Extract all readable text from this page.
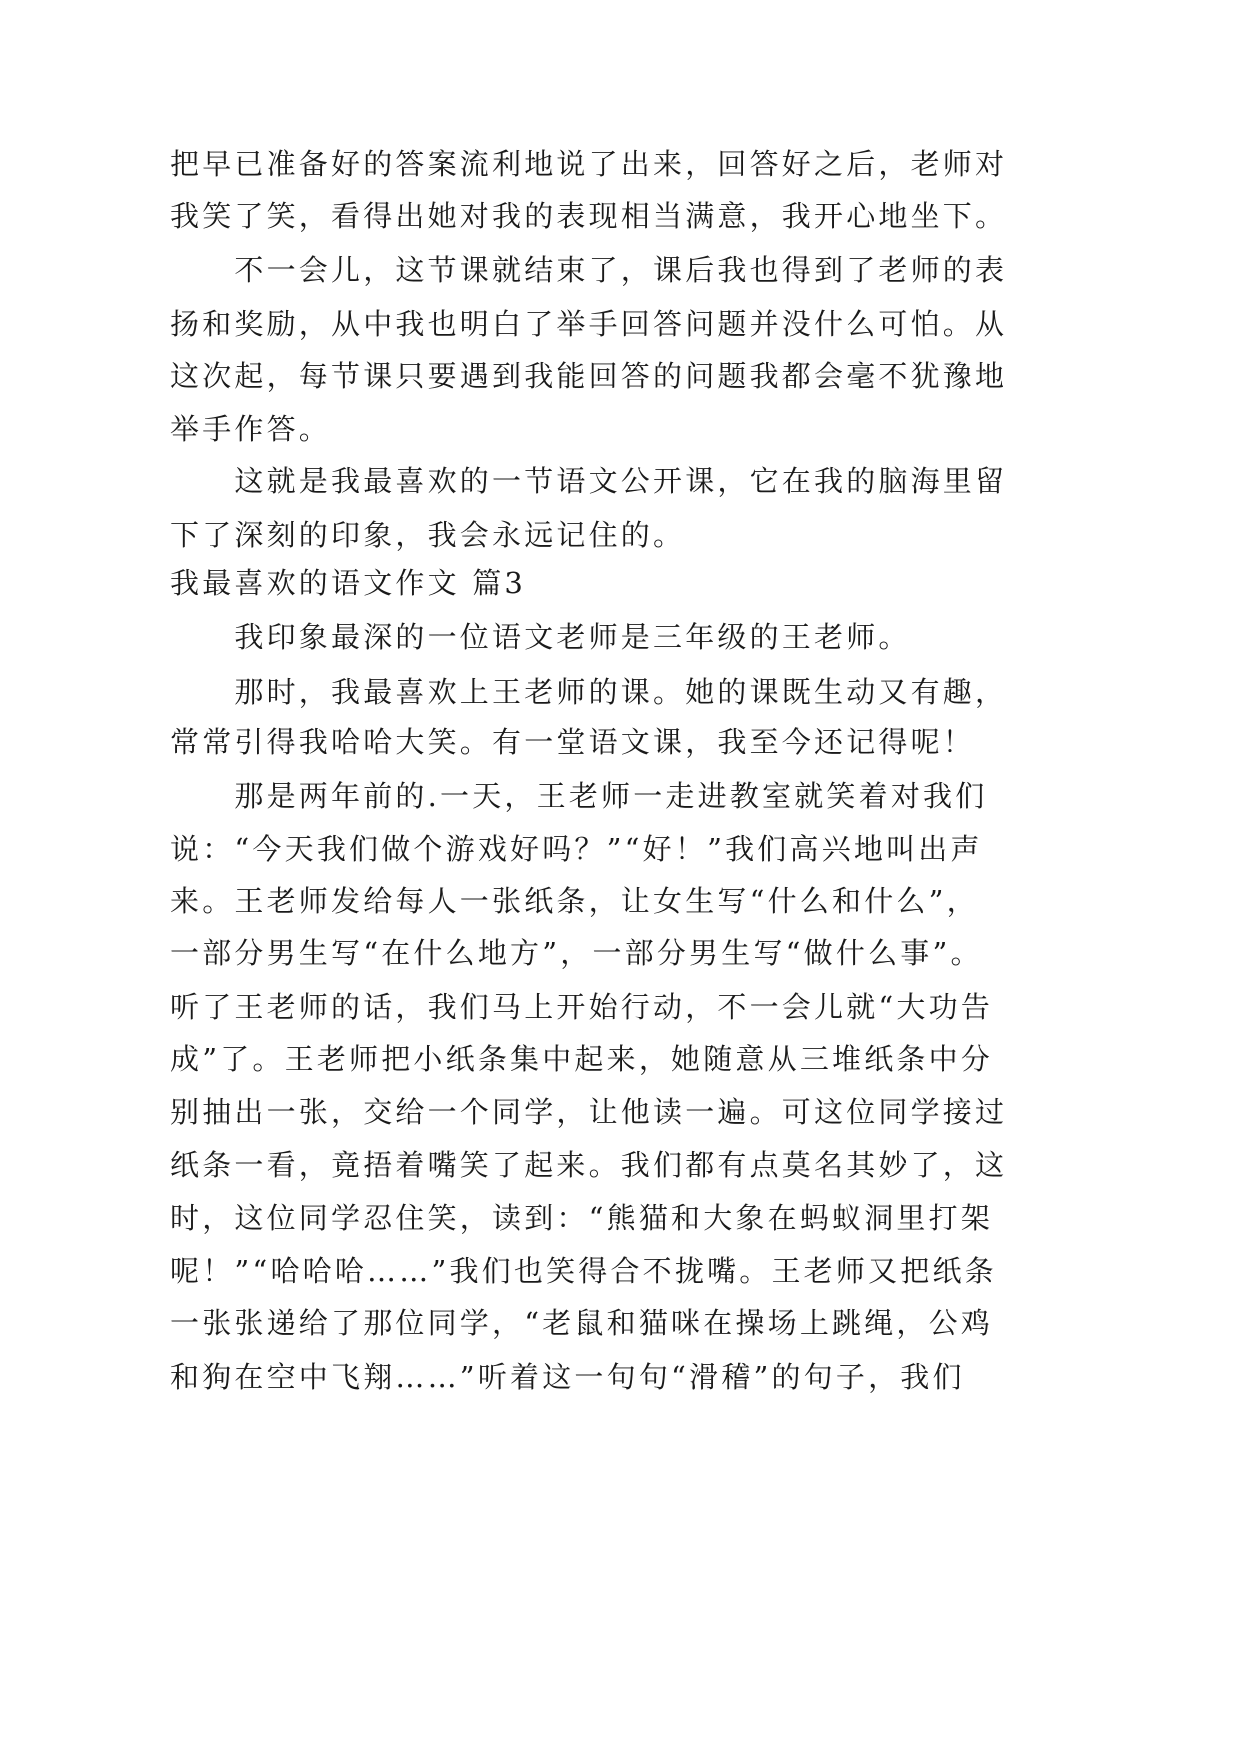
把早已准备好的答案流利地说了出来，回答好之后，老师对
我笑了笑，看得出她对我的表现相当满意，我开心地坐下。
　　不一会儿，这节课就结束了，课后我也得到了老师的表
扬和奖励，从中我也明白了举手回答问题并没什么可怕。从
这次起，每节课只要遇到我能回答的问题我都会毫不犹豫地
举手作答。
　　这就是我最喜欢的一节语文公开课，它在我的脑海里留
下了深刻的印象，我会永远记住的。
我最喜欢的语文作文 篇3
　　我印象最深的一位语文老师是三年级的王老师。
　　那时，我最喜欢上王老师的课。她的课既生动又有趣，
常常引得我哈哈大笑。有一堂语文课，我至今还记得呢！
　　那是两年前的.一天，王老师一走进教室就笑着对我们
说：“今天我们做个游戏好吗？”“好！”我们高兴地叫出声
来。王老师发给每人一张纸条，让女生写“什么和什么”，
一部分男生写“在什么地方”，一部分男生写“做什么事”。
听了王老师的话，我们马上开始行动，不一会儿就“大功告
成”了。王老师把小纸条集中起来，她随意从三堆纸条中分
别抽出一张，交给一个同学，让他读一遍。可这位同学接过
纸条一看，竟捂着嘴笑了起来。我们都有点莫名其妙了，这
时，这位同学忍住笑，读到：“熊猫和大象在蚂蚁洞里打架
呢！”“哈哈哈……”我们也笑得合不拢嘴。王老师又把纸条
一张张递给了那位同学，“老鼠和猫咪在操场上跳绳，公鸡
和狗在空中飞翔……”听着这一句句“滑稽”的句子，我们
